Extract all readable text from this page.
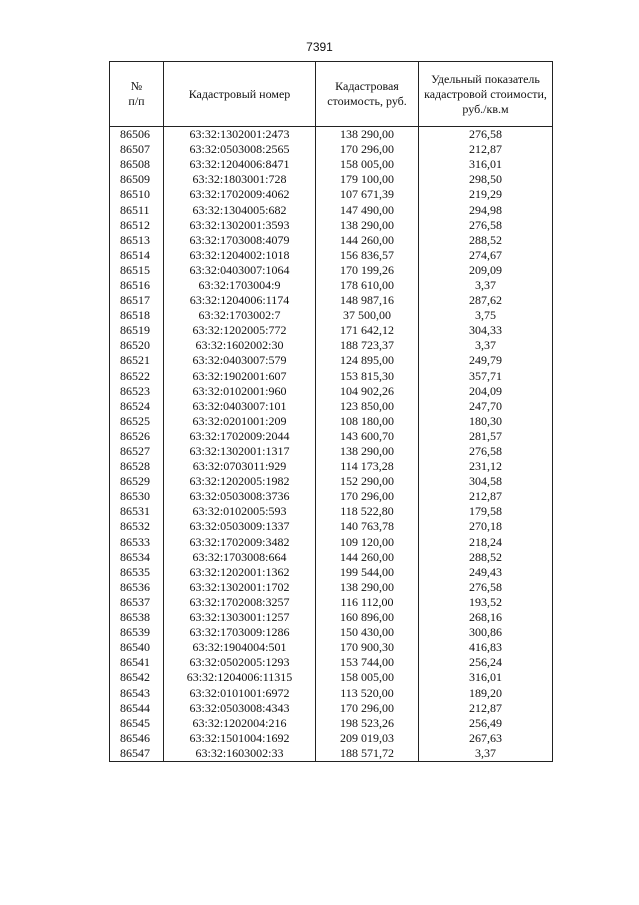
7391
№
п/п	Кадастровый номер	Кадастровая стоимость, руб.	Удельный показатель кадастровой стоимости, руб./кв.м
86506	63:32:1302001:2473	138 290,00	276,58
86507	63:32:0503008:2565	170 296,00	212,87
86508	63:32:1204006:8471	158 005,00	316,01
86509	63:32:1803001:728	179 100,00	298,50
86510	63:32:1702009:4062	107 671,39	219,29
86511	63:32:1304005:682	147 490,00	294,98
86512	63:32:1302001:3593	138 290,00	276,58
86513	63:32:1703008:4079	144 260,00	288,52
86514	63:32:1204002:1018	156 836,57	274,67
86515	63:32:0403007:1064	170 199,26	209,09
86516	63:32:1703004:9	178 610,00	3,37
86517	63:32:1204006:1174	148 987,16	287,62
86518	63:32:1703002:7	37 500,00	3,75
86519	63:32:1202005:772	171 642,12	304,33
86520	63:32:1602002:30	188 723,37	3,37
86521	63:32:0403007:579	124 895,00	249,79
86522	63:32:1902001:607	153 815,30	357,71
86523	63:32:0102001:960	104 902,26	204,09
86524	63:32:0403007:101	123 850,00	247,70
86525	63:32:0201001:209	108 180,00	180,30
86526	63:32:1702009:2044	143 600,70	281,57
86527	63:32:1302001:1317	138 290,00	276,58
86528	63:32:0703011:929	114 173,28	231,12
86529	63:32:1202005:1982	152 290,00	304,58
86530	63:32:0503008:3736	170 296,00	212,87
86531	63:32:0102005:593	118 522,80	179,58
86532	63:32:0503009:1337	140 763,78	270,18
86533	63:32:1702009:3482	109 120,00	218,24
86534	63:32:1703008:664	144 260,00	288,52
86535	63:32:1202001:1362	199 544,00	249,43
86536	63:32:1302001:1702	138 290,00	276,58
86537	63:32:1702008:3257	116 112,00	193,52
86538	63:32:1303001:1257	160 896,00	268,16
86539	63:32:1703009:1286	150 430,00	300,86
86540	63:32:1904004:501	170 900,30	416,83
86541	63:32:0502005:1293	153 744,00	256,24
86542	63:32:1204006:11315	158 005,00	316,01
86543	63:32:0101001:6972	113 520,00	189,20
86544	63:32:0503008:4343	170 296,00	212,87
86545	63:32:1202004:216	198 523,26	256,49
86546	63:32:1501004:1692	209 019,03	267,63
86547	63:32:1603002:33	188 571,72	3,37
